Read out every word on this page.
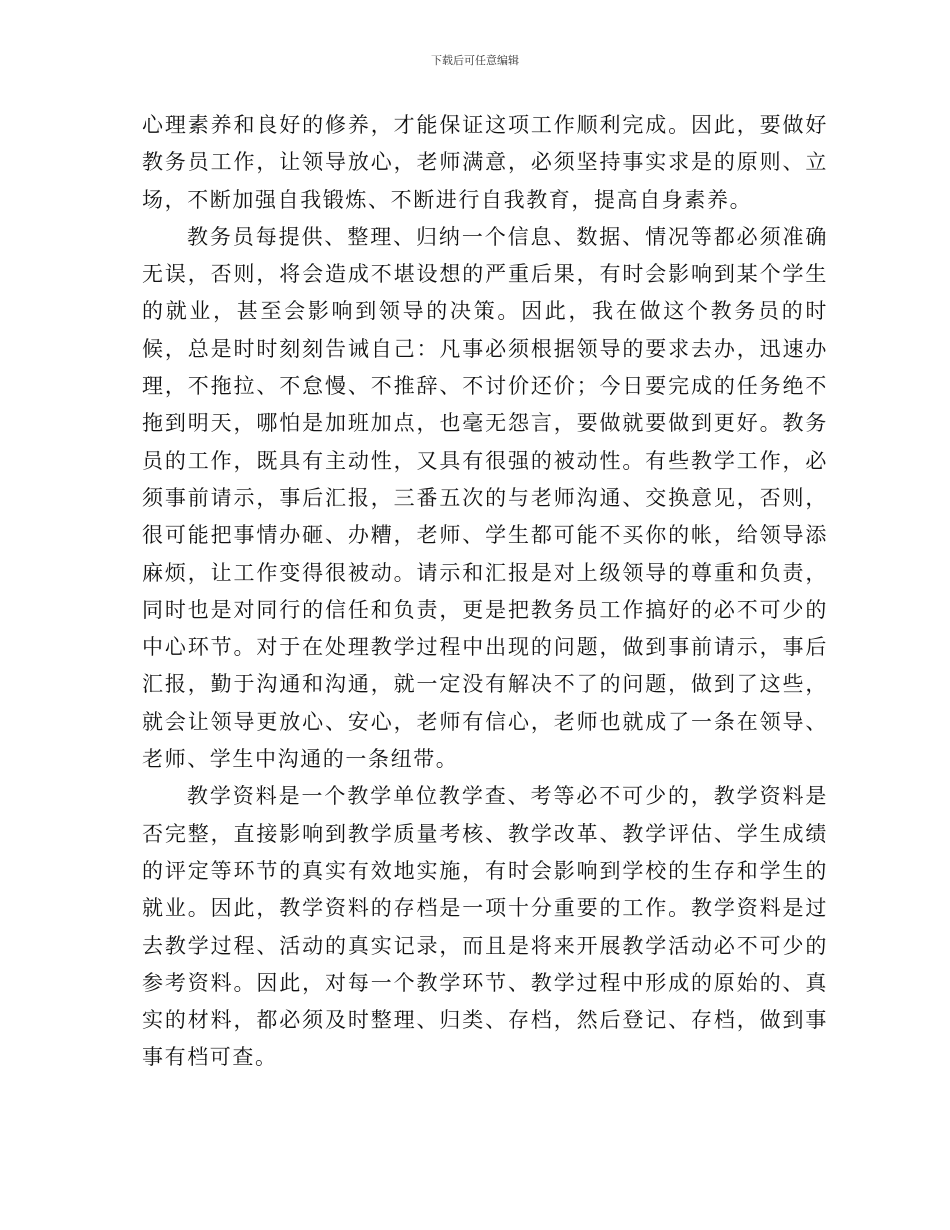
下载后可任意编辑

心理素养和良好的修养，才能保证这项工作顺利完成。因此，要做好教务员工作，让领导放心，老师满意，必须坚持事实求是的原则、立场，不断加强自我锻炼、不断进行自我教育，提高自身素养。

教务员每提供、整理、归纳一个信息、数据、情况等都必须准确无误，否则，将会造成不堪设想的严重后果，有时会影响到某个学生的就业，甚至会影响到领导的决策。因此，我在做这个教务员的时候，总是时时刻刻告诫自己：凡事必须根据领导的要求去办，迅速办理，不拖拉、不怠慢、不推辞、不讨价还价；今日要完成的任务绝不拖到明天，哪怕是加班加点，也毫无怨言，要做就要做到更好。教务员的工作，既具有主动性，又具有很强的被动性。有些教学工作，必须事前请示，事后汇报，三番五次的与老师沟通、交换意见，否则，很可能把事情办砸、办糟，老师、学生都可能不买你的帐，给领导添麻烦，让工作变得很被动。请示和汇报是对上级领导的尊重和负责，同时也是对同行的信任和负责，更是把教务员工作搞好的必不可少的中心环节。对于在处理教学过程中出现的问题，做到事前请示，事后汇报，勤于沟通和沟通，就一定没有解决不了的问题，做到了这些，就会让领导更放心、安心，老师有信心，老师也就成了一条在领导、老师、学生中沟通的一条纽带。

教学资料是一个教学单位教学查、考等必不可少的，教学资料是否完整，直接影响到教学质量考核、教学改革、教学评估、学生成绩的评定等环节的真实有效地实施，有时会影响到学校的生存和学生的就业。因此，教学资料的存档是一项十分重要的工作。教学资料是过去教学过程、活动的真实记录，而且是将来开展教学活动必不可少的参考资料。因此，对每一个教学环节、教学过程中形成的原始的、真实的材料，都必须及时整理、归类、存档，然后登记、存档，做到事事有档可查。
